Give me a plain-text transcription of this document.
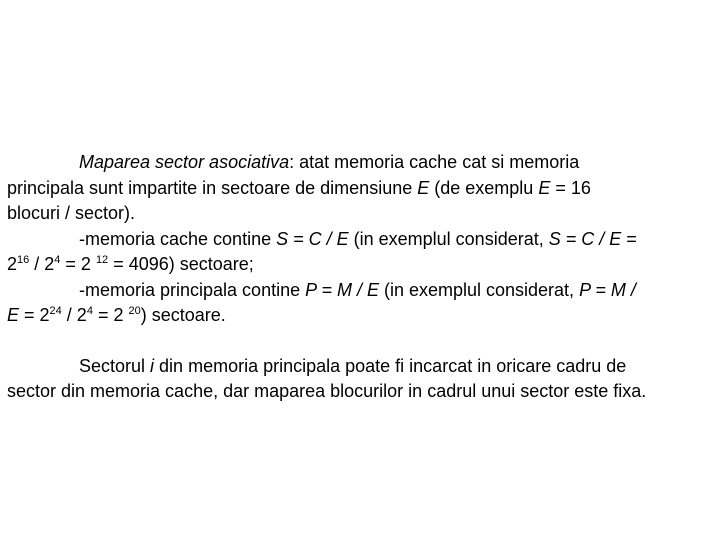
Maparea sector asociativa: atat memoria cache cat si memoria
principala sunt impartite in sectoare de dimensiune E (de exemplu E = 16
blocuri / sector).
-memoria cache contine S = C / E (in exemplul considerat, S = C / E =
$2^{16} / 2^4 = 2$ $^{12}$ = 4096) sectoare;
-memoria principala contine P = M / E (in exemplul considerat, P = M /
$E = 2^{24} / 2^4 = 2$ $^{20}$) sectoare.
Sectorul i din memoria principala poate fi incarcat in oricare cadru de
sector din memoria cache, dar maparea blocurilor in cadrul unui sector este fixa.
